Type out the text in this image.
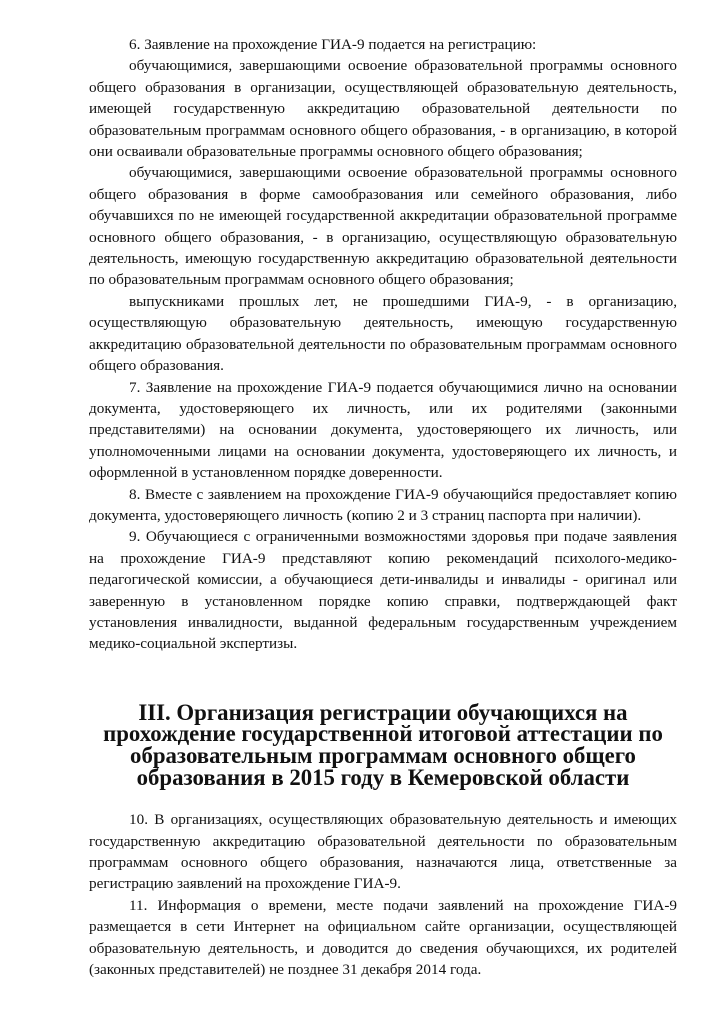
6. Заявление на прохождение ГИА-9 подается на регистрацию:

обучающимися, завершающими освоение образовательной программы основного общего образования в организации, осуществляющей образовательную деятельность, имеющей государственную аккредитацию образовательной деятельности по образовательным программам основного общего образования, - в организацию, в которой они осваивали образовательные программы основного общего образования;

обучающимися, завершающими освоение образовательной программы основного общего образования в форме самообразования или семейного образования, либо обучавшихся по не имеющей государственной аккредитации образовательной программе основного общего образования, - в организацию, осуществляющую образовательную деятельность, имеющую государственную аккредитацию образовательной деятельности по образовательным программам основного общего образования;

выпускниками прошлых лет, не прошедшими ГИА-9, - в организацию, осуществляющую образовательную деятельность, имеющую государственную аккредитацию образовательной деятельности по образовательным программам основного общего образования.

7. Заявление на прохождение ГИА-9 подается обучающимися лично на основании документа, удостоверяющего их личность, или их родителями (законными представителями) на основании документа, удостоверяющего их личность, или уполномоченными лицами на основании документа, удостоверяющего их личность, и оформленной в установленном порядке доверенности.

8. Вместе с заявлением на прохождение ГИА-9 обучающийся предоставляет копию документа, удостоверяющего личность (копию 2 и 3 страниц паспорта при наличии).

9. Обучающиеся с ограниченными возможностями здоровья при подаче заявления на прохождение ГИА-9 представляют копию рекомендаций психолого-медико-педагогической комиссии, а обучающиеся дети-инвалиды и инвалиды - оригинал или заверенную в установленном порядке копию справки, подтверждающей факт установления инвалидности, выданной федеральным государственным учреждением медико-социальной экспертизы.

III. Организация регистрации обучающихся на прохождение государственной итоговой аттестации по образовательным программам основного общего образования в 2015 году в Кемеровской области

10. В организациях, осуществляющих образовательную деятельность и имеющих государственную аккредитацию образовательной деятельности по образовательным программам основного общего образования, назначаются лица, ответственные за регистрацию заявлений на прохождение ГИА-9.

11. Информация о времени, месте подачи заявлений на прохождение ГИА-9 размещается в сети Интернет на официальном сайте организации, осуществляющей образовательную деятельность, и доводится до сведения обучающихся, их родителей (законных представителей) не позднее 31 декабря 2014 года.
